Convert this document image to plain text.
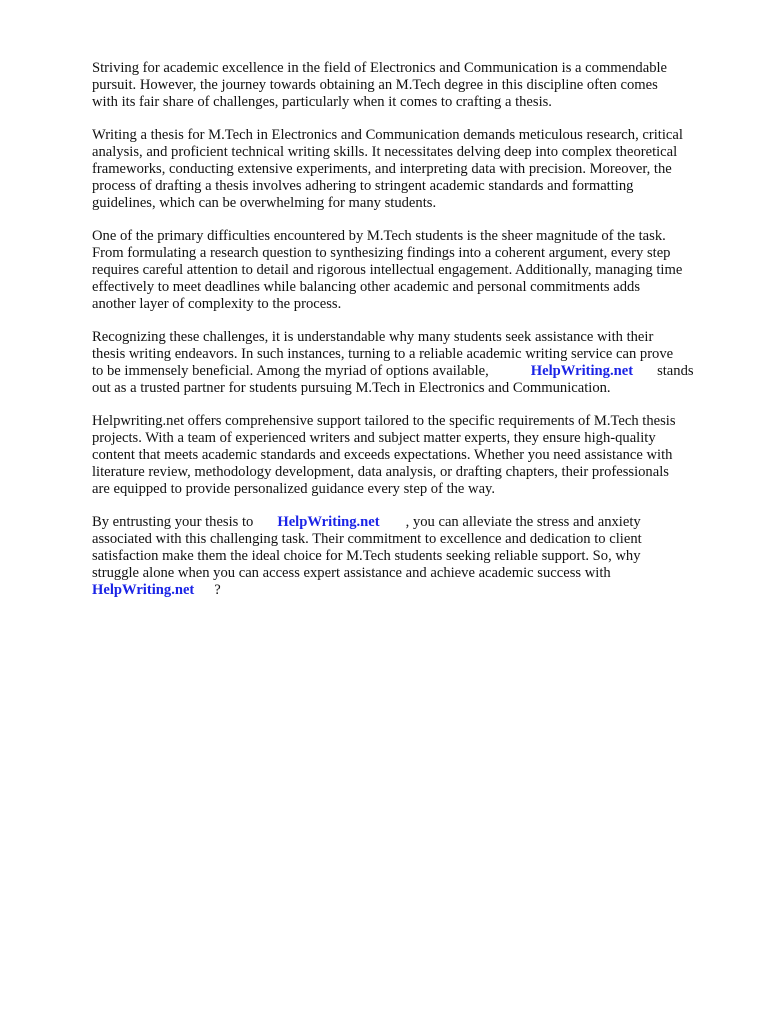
Striving for academic excellence in the field of Electronics and Communication is a commendable
pursuit. However, the journey towards obtaining an M.Tech degree in this discipline often comes
with its fair share of challenges, particularly when it comes to crafting a thesis.

Writing a thesis for M.Tech in Electronics and Communication demands meticulous research, critical
analysis, and proficient technical writing skills. It necessitates delving deep into complex theoretical
frameworks, conducting extensive experiments, and interpreting data with precision. Moreover, the
process of drafting a thesis involves adhering to stringent academic standards and formatting
guidelines, which can be overwhelming for many students.

One of the primary difficulties encountered by M.Tech students is the sheer magnitude of the task.
From formulating a research question to synthesizing findings into a coherent argument, every step
requires careful attention to detail and rigorous intellectual engagement. Additionally, managing time
effectively to meet deadlines while balancing other academic and personal commitments adds
another layer of complexity to the process.

Recognizing these challenges, it is understandable why many students seek assistance with their
thesis writing endeavors. In such instances, turning to a reliable academic writing service can prove
to be immensely beneficial. Among the myriad of options available,	HelpWriting.net stands
out as a trusted partner for students pursuing M.Tech in Electronics and Communication.

Helpwriting.net offers comprehensive support tailored to the specific requirements of M.Tech thesis
projects. With a team of experienced writers and subject matter experts, they ensure high-quality
content that meets academic standards and exceeds expectations. Whether you need assistance with
literature review, methodology development, data analysis, or drafting chapters, their professionals
are equipped to provide personalized guidance every step of the way.

By entrusting your thesis to HelpWriting.net , you can alleviate the stress and anxiety
associated with this challenging task. Their commitment to excellence and dedication to client
satisfaction make them the ideal choice for M.Tech students seeking reliable support. So, why
struggle alone when you can access expert assistance and achieve academic success with
HelpWriting.net ?
